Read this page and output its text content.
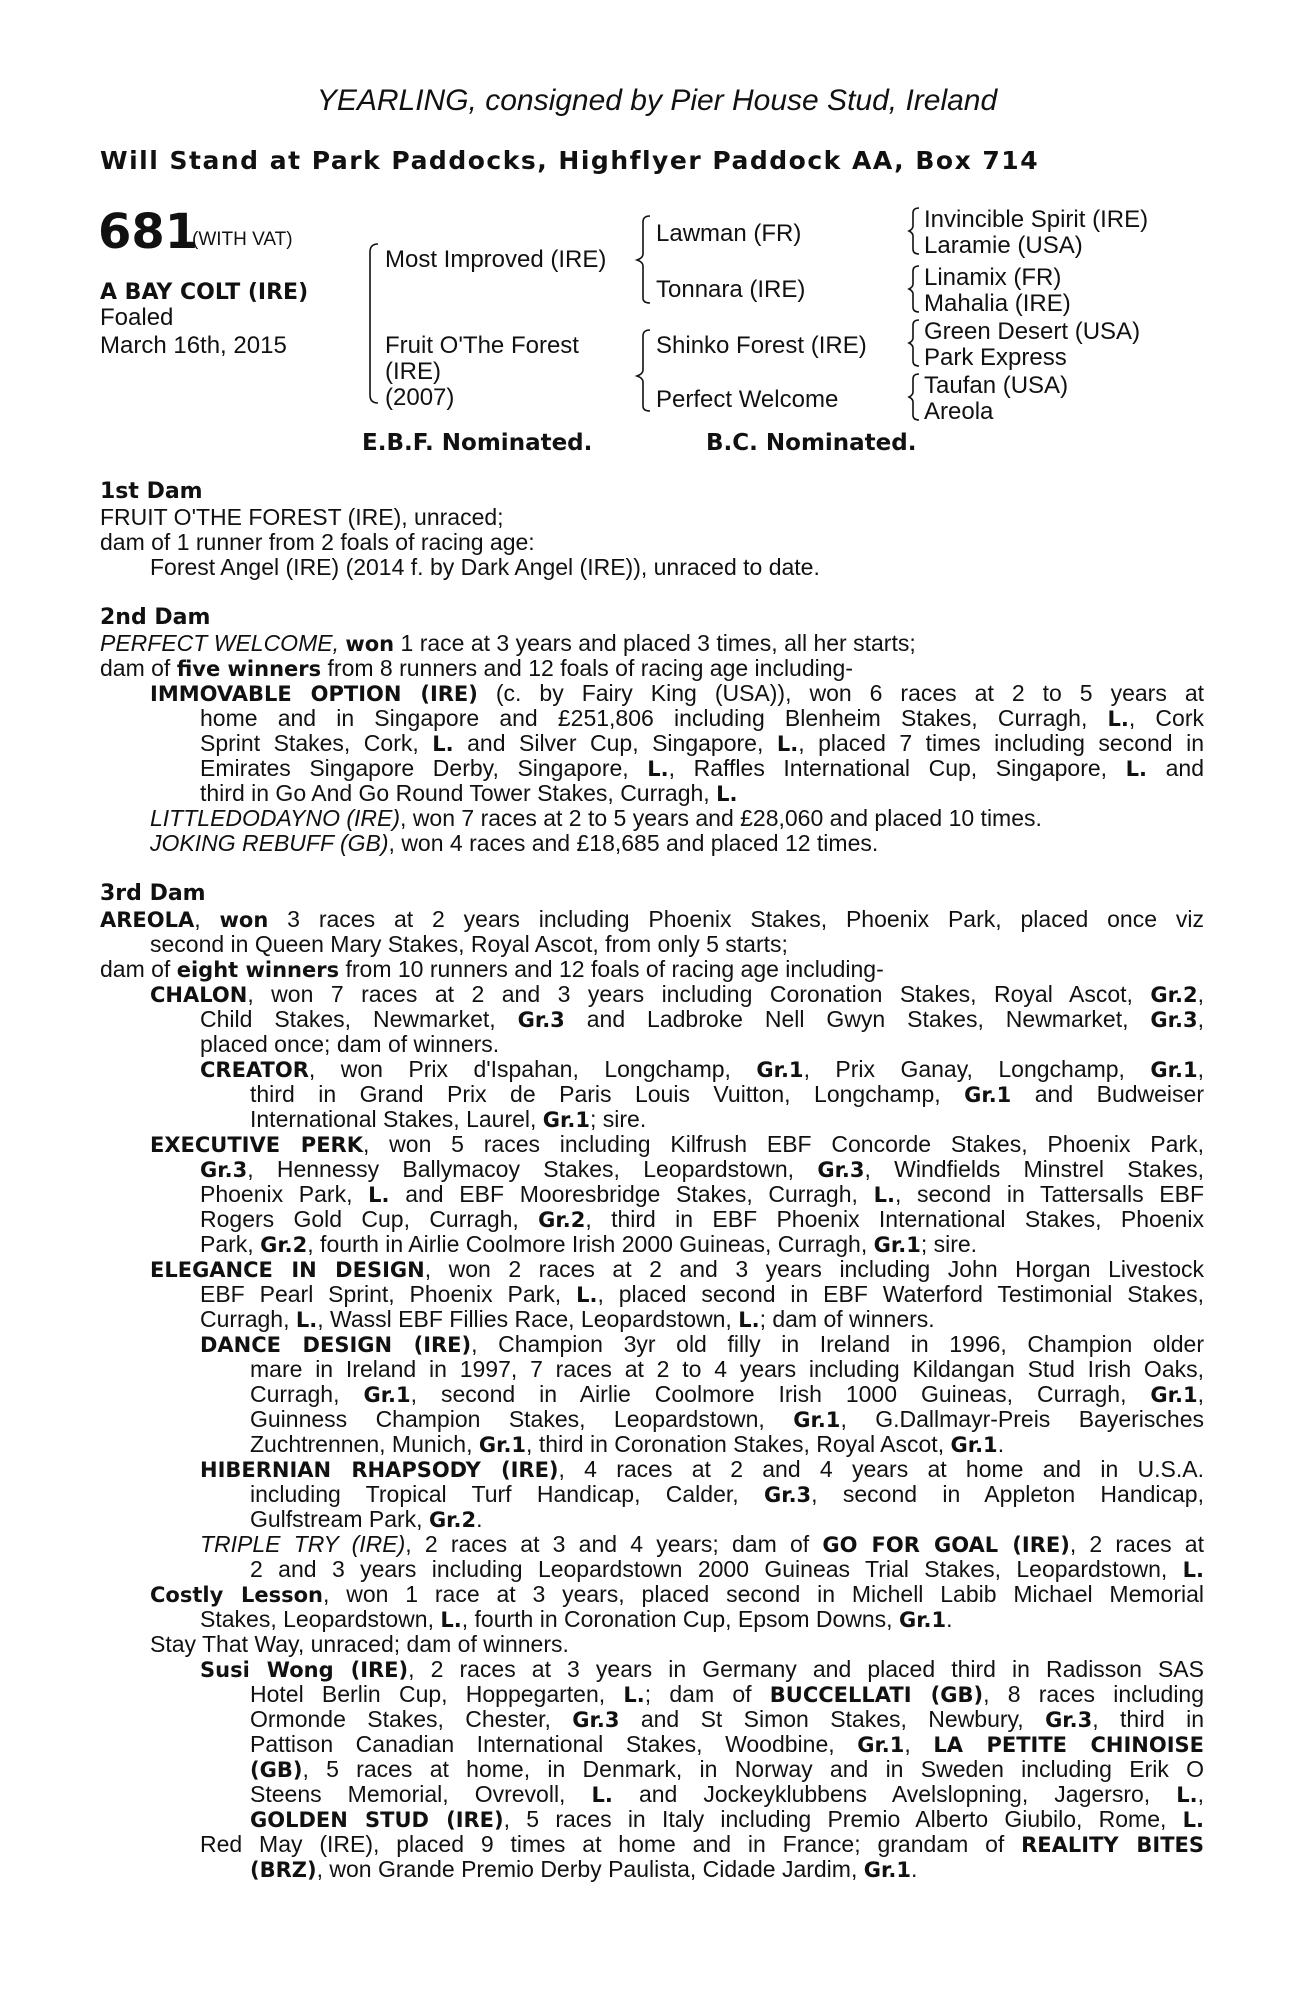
YEARLING, consigned by Pier House Stud, Ireland
Will Stand at Park Paddocks, Highflyer Paddock AA, Box 714
681
(WITH VAT)
A BAY COLT (IRE)
Foaled
March 16th, 2015
Most Improved (IRE)
Fruit O'The Forest
(IRE)
(2007)
Lawman (FR)
Tonnara (IRE)
Shinko Forest (IRE)
Perfect Welcome
Invincible Spirit (IRE)
Laramie (USA)
Linamix (FR)
Mahalia (IRE)
Green Desert (USA)
Park Express
Taufan (USA)
Areola
E.B.F. Nominated.	B.C. Nominated.
1st Dam
FRUIT O'THE FOREST (IRE), unraced;
dam of 1 runner from 2 foals of racing age:
Forest Angel (IRE) (2014 f. by Dark Angel (IRE)), unraced to date.
2nd Dam
PERFECT WELCOME, won 1 race at 3 years and placed 3 times, all her starts;
dam of five winners from 8 runners and 12 foals of racing age including-
IMMOVABLE OPTION (IRE) (c. by Fairy King (USA)), won 6 races at 2 to 5 years at
home and in Singapore and £251,806 including Blenheim Stakes, Curragh, L., Cork
Sprint Stakes, Cork, L. and Silver Cup, Singapore, L., placed 7 times including second in
Emirates Singapore Derby, Singapore, L., Raffles International Cup, Singapore, L. and
third in Go And Go Round Tower Stakes, Curragh, L.
LITTLEDODAYNO (IRE), won 7 races at 2 to 5 years and £28,060 and placed 10 times.
JOKING REBUFF (GB), won 4 races and £18,685 and placed 12 times.
3rd Dam
AREOLA, won 3 races at 2 years including Phoenix Stakes, Phoenix Park, placed once viz
second in Queen Mary Stakes, Royal Ascot, from only 5 starts;
dam of eight winners from 10 runners and 12 foals of racing age including-
CHALON, won 7 races at 2 and 3 years including Coronation Stakes, Royal Ascot, Gr.2,
Child Stakes, Newmarket, Gr.3 and Ladbroke Nell Gwyn Stakes, Newmarket, Gr.3,
placed once; dam of winners.
CREATOR, won Prix d'Ispahan, Longchamp, Gr.1, Prix Ganay, Longchamp, Gr.1,
third in Grand Prix de Paris Louis Vuitton, Longchamp, Gr.1 and Budweiser
International Stakes, Laurel, Gr.1; sire.
EXECUTIVE PERK, won 5 races including Kilfrush EBF Concorde Stakes, Phoenix Park,
Gr.3, Hennessy Ballymacoy Stakes, Leopardstown, Gr.3, Windfields Minstrel Stakes,
Phoenix Park, L. and EBF Mooresbridge Stakes, Curragh, L., second in Tattersalls EBF
Rogers Gold Cup, Curragh, Gr.2, third in EBF Phoenix International Stakes, Phoenix
Park, Gr.2, fourth in Airlie Coolmore Irish 2000 Guineas, Curragh, Gr.1; sire.
ELEGANCE IN DESIGN, won 2 races at 2 and 3 years including John Horgan Livestock
EBF Pearl Sprint, Phoenix Park, L., placed second in EBF Waterford Testimonial Stakes,
Curragh, L., Wassl EBF Fillies Race, Leopardstown, L.; dam of winners.
DANCE DESIGN (IRE), Champion 3yr old filly in Ireland in 1996, Champion older
mare in Ireland in 1997, 7 races at 2 to 4 years including Kildangan Stud Irish Oaks,
Curragh, Gr.1, second in Airlie Coolmore Irish 1000 Guineas, Curragh, Gr.1,
Guinness Champion Stakes, Leopardstown, Gr.1, G.Dallmayr-Preis Bayerisches
Zuchtrennen, Munich, Gr.1, third in Coronation Stakes, Royal Ascot, Gr.1.
HIBERNIAN RHAPSODY (IRE), 4 races at 2 and 4 years at home and in U.S.A.
including Tropical Turf Handicap, Calder, Gr.3, second in Appleton Handicap,
Gulfstream Park, Gr.2.
TRIPLE TRY (IRE), 2 races at 3 and 4 years; dam of GO FOR GOAL (IRE), 2 races at
2 and 3 years including Leopardstown 2000 Guineas Trial Stakes, Leopardstown, L.
Costly Lesson, won 1 race at 3 years, placed second in Michell Labib Michael Memorial
Stakes, Leopardstown, L., fourth in Coronation Cup, Epsom Downs, Gr.1.
Stay That Way, unraced; dam of winners.
Susi Wong (IRE), 2 races at 3 years in Germany and placed third in Radisson SAS
Hotel Berlin Cup, Hoppegarten, L.; dam of BUCCELLATI (GB), 8 races including
Ormonde Stakes, Chester, Gr.3 and St Simon Stakes, Newbury, Gr.3, third in
Pattison Canadian International Stakes, Woodbine, Gr.1, LA PETITE CHINOISE
(GB), 5 races at home, in Denmark, in Norway and in Sweden including Erik O
Steens Memorial, Ovrevoll, L. and Jockeyklubbens Avelslopning, Jagersro, L.,
GOLDEN STUD (IRE), 5 races in Italy including Premio Alberto Giubilo, Rome, L.
Red May (IRE), placed 9 times at home and in France; grandam of REALITY BITES
(BRZ), won Grande Premio Derby Paulista, Cidade Jardim, Gr.1.
